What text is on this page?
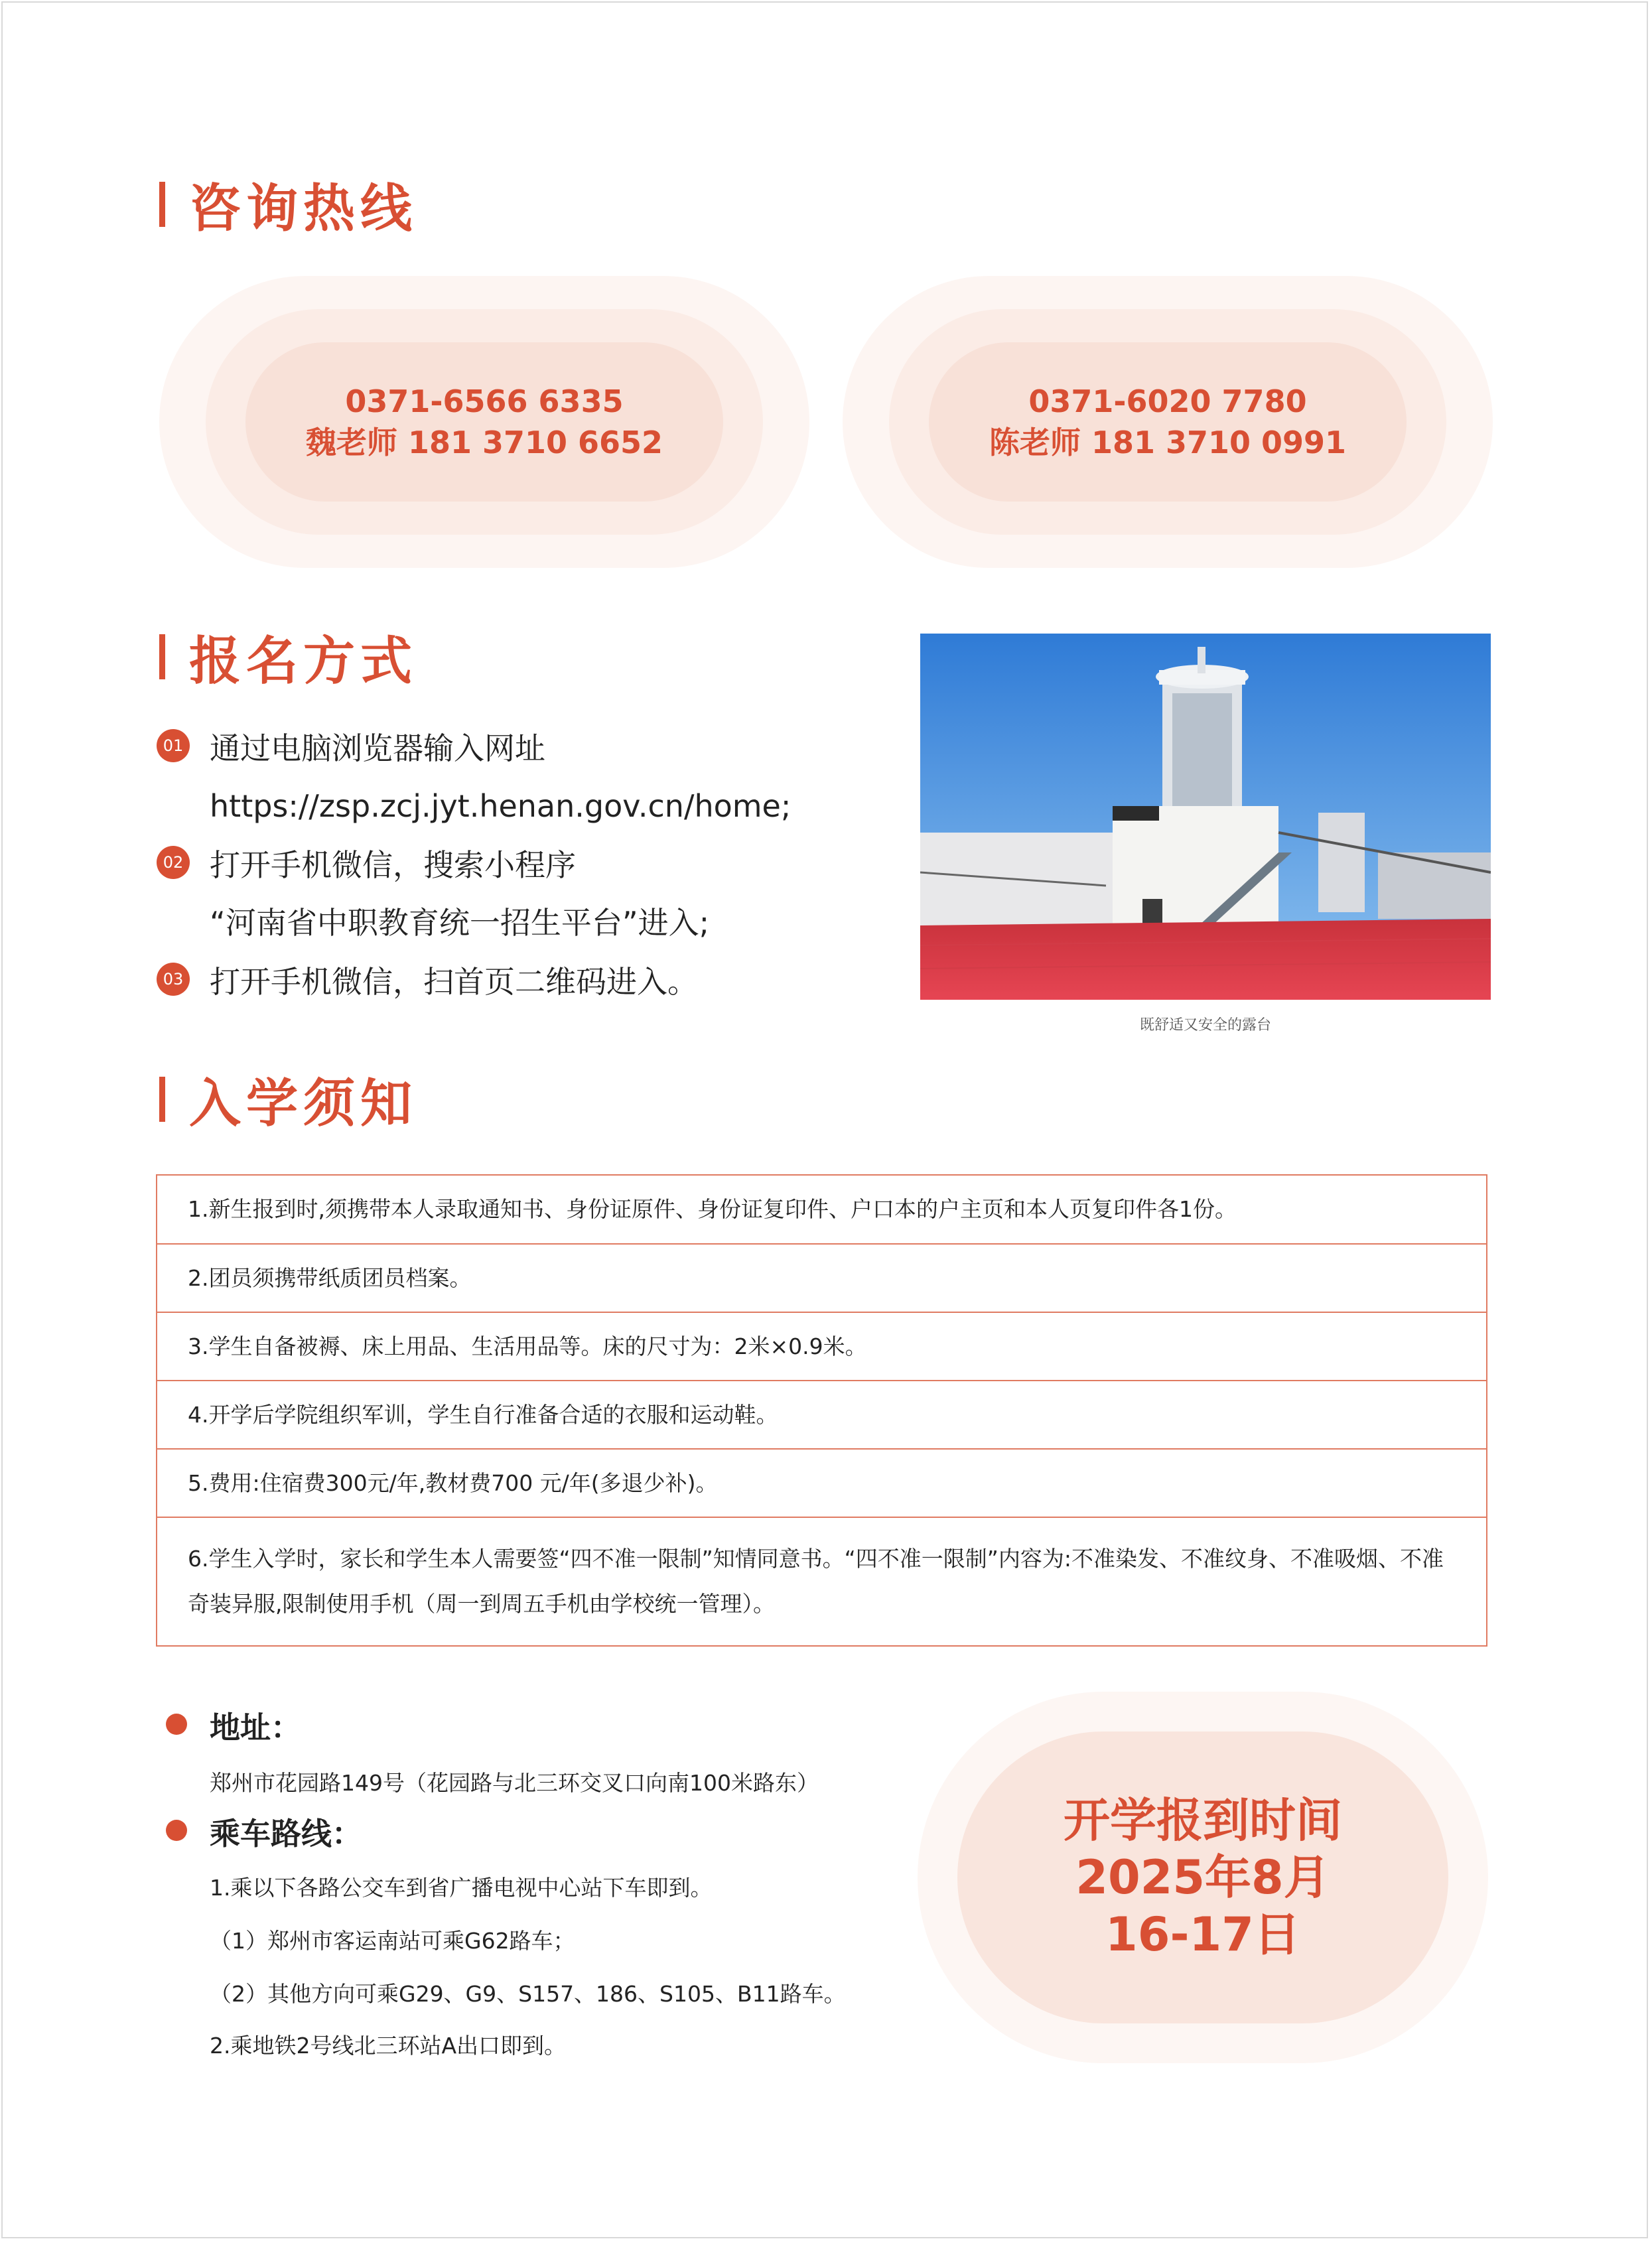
咨询热线
0371-6566 6335
魏老师 181 3710 6652
0371-6020 7780
陈老师 181 3710 0991
报名方式
01 通过电脑浏览器输入网址
https://zsp.zcj.jyt.henan.gov.cn/home;
02 打开手机微信，搜索小程序
“河南省中职教育统一招生平台”进入;
03 打开手机微信，扫首页二维码进入。
既舒适又安全的露台
入学须知
1.新生报到时,须携带本人录取通知书、身份证原件、身份证复印件、户口本的户主页和本人页复印件各1份。
2.团员须携带纸质团员档案。
3.学生自备被褥、床上用品、生活用品等。床的尺寸为：2米×0.9米。
4.开学后学院组织军训，学生自行准备合适的衣服和运动鞋。
5.费用:住宿费300元/年,教材费700 元/年(多退少补)。
6.学生入学时，家长和学生本人需要签“四不准一限制”知情同意书。“四不准一限制”内容为:不准染发、不准纹身、不准吸烟、不准奇装异服,限制使用手机（周一到周五手机由学校统一管理）。
地址：
郑州市花园路149号（花园路与北三环交叉口向南100米路东）
乘车路线：
1.乘以下各路公交车到省广播电视中心站下车即到。
（1）郑州市客运南站可乘G62路车；
（2）其他方向可乘G29、G9、S157、186、S105、B11路车。
2.乘地铁2号线北三环站A出口即到。
开学报到时间
2025年8月
16-17日
